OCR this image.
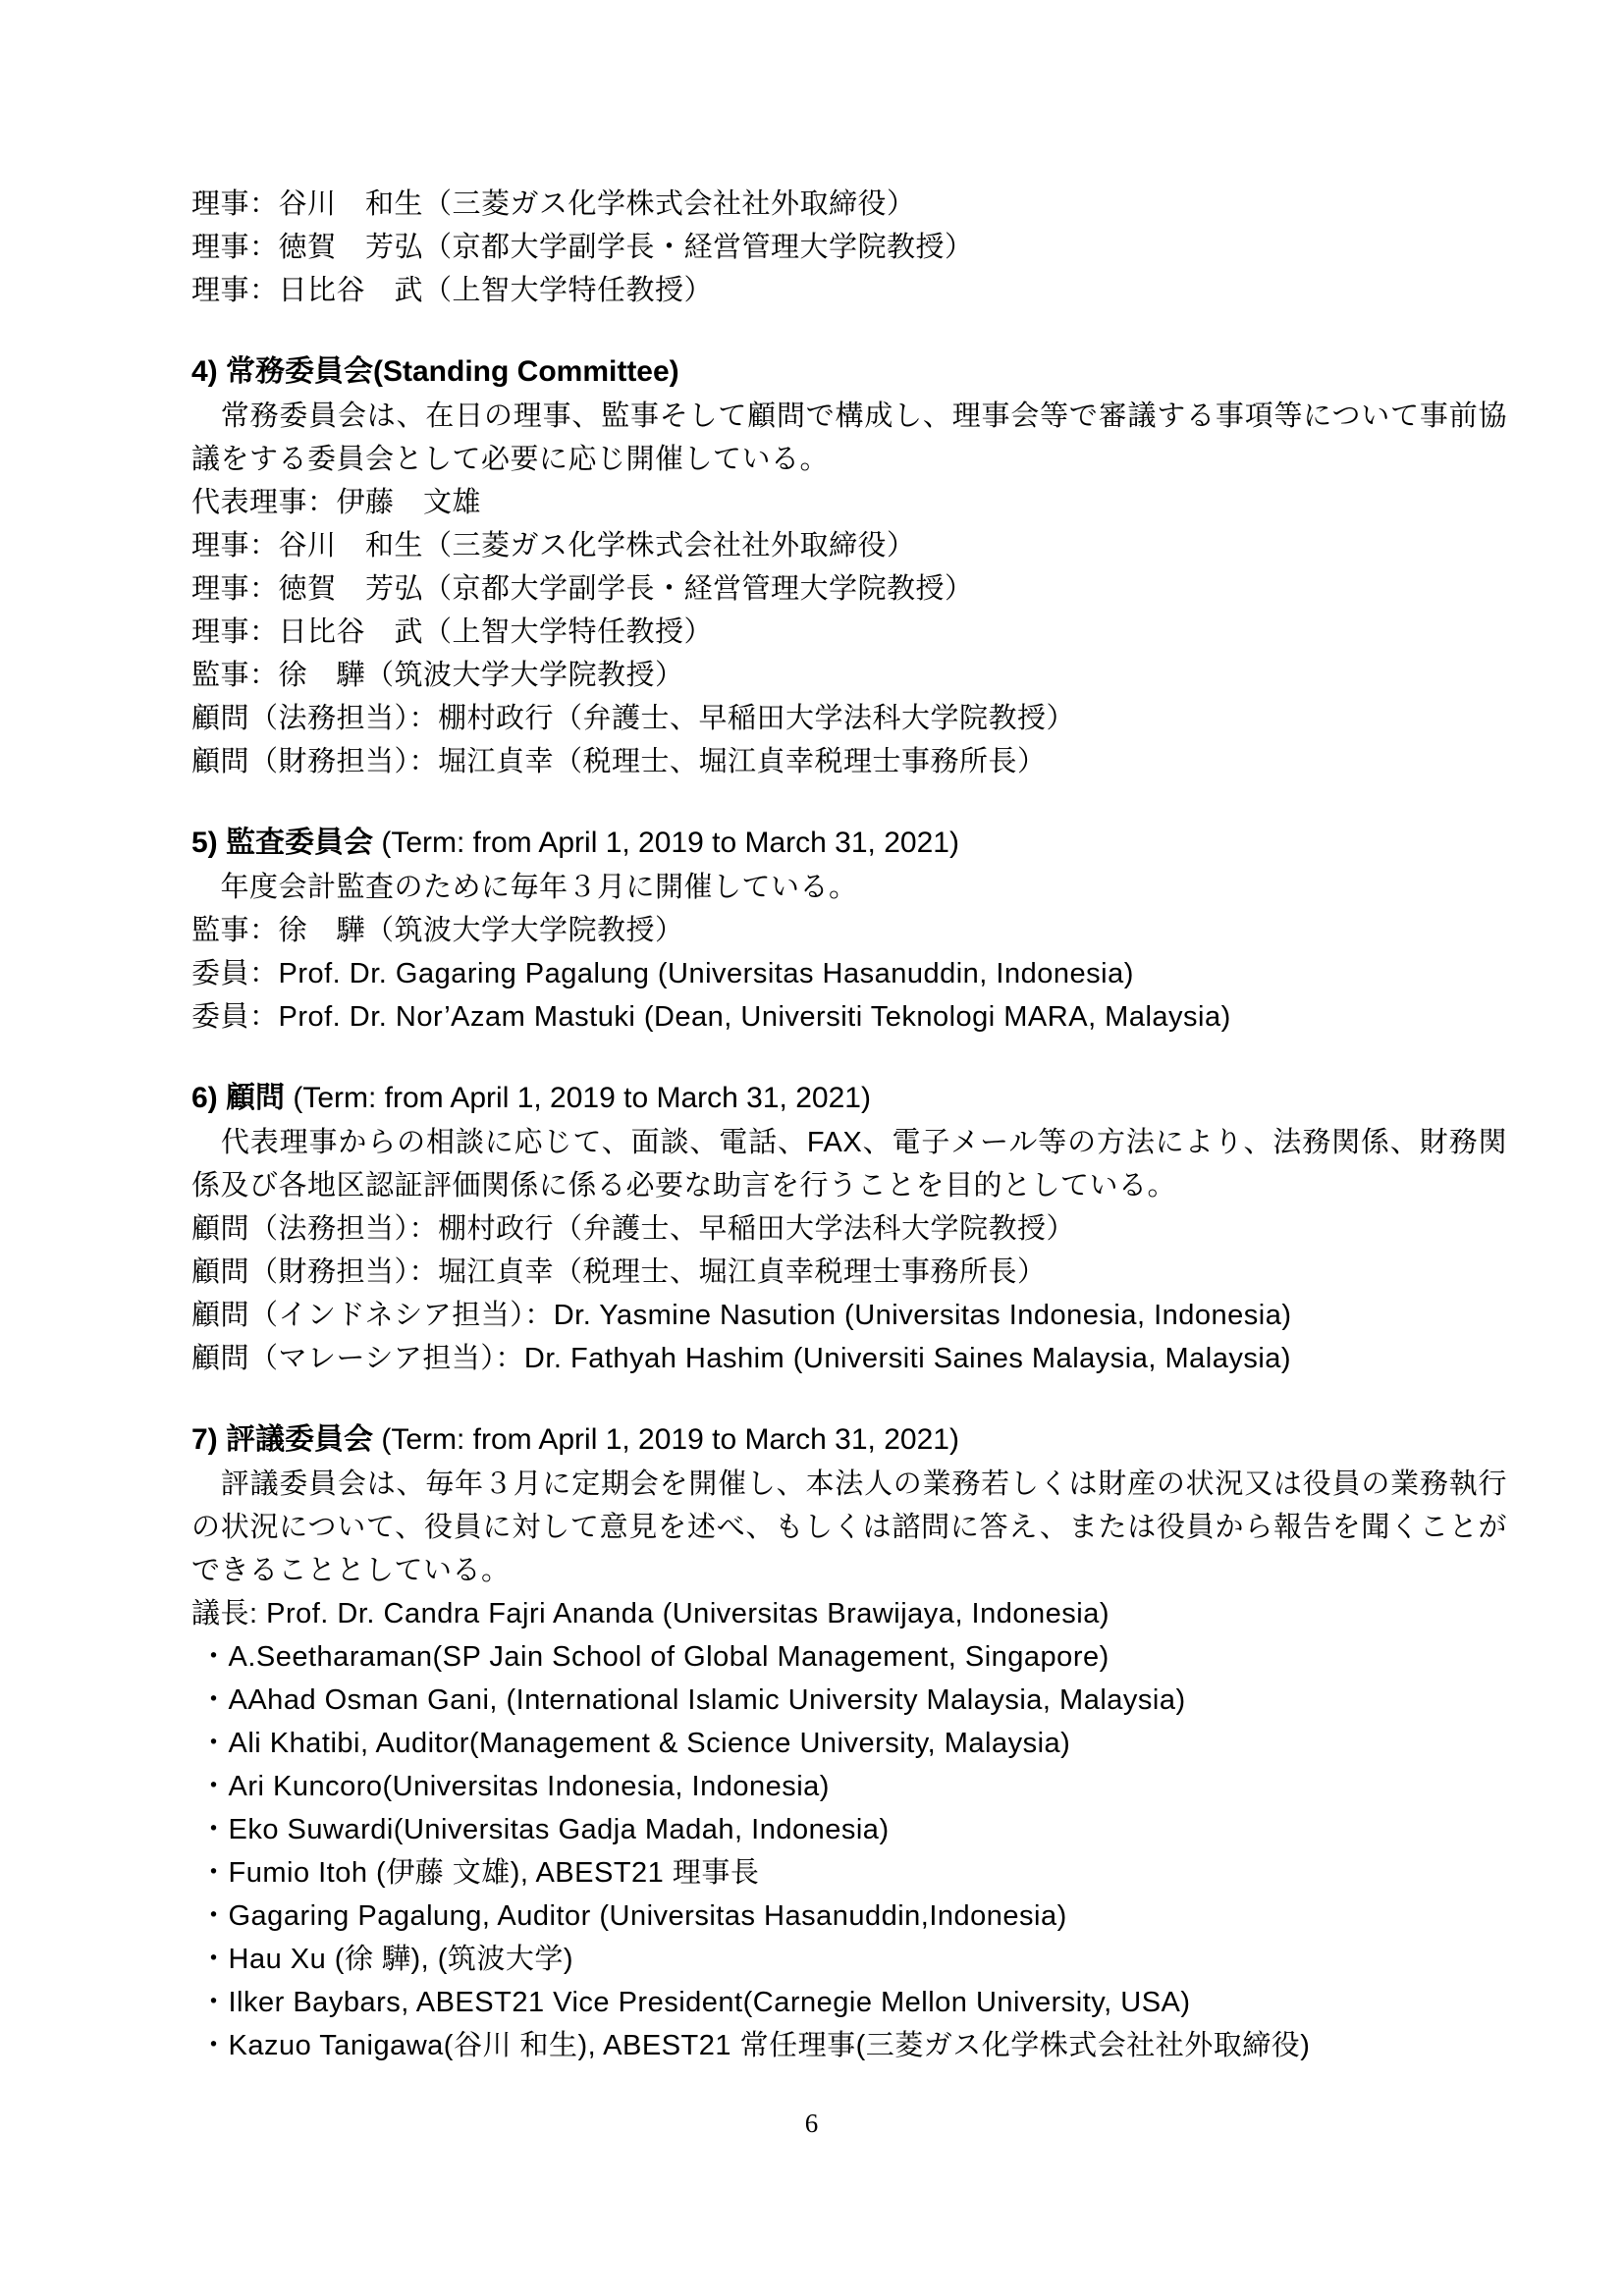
理事：谷川　和生（三菱ガス化学株式会社社外取締役）

理事：徳賀　芳弘（京都大学副学長・経営管理大学院教授）

理事：日比谷　武（上智大学特任教授）

4) 常務委員会(Standing Committee)

　常務委員会は、在日の理事、監事そして顧問で構成し、理事会等で審議する事項等について事前協議をする委員会として必要に応じ開催している。

代表理事：伊藤　文雄

理事：谷川　和生（三菱ガス化学株式会社社外取締役）

理事：徳賀　芳弘（京都大学副学長・経営管理大学院教授）

理事：日比谷　武（上智大学特任教授）

監事：徐　驊（筑波大学大学院教授）

顧問（法務担当）：棚村政行（弁護士、早稲田大学法科大学院教授）

顧問（財務担当）：堀江貞幸（税理士、堀江貞幸税理士事務所長）

5) 監査委員会 (Term: from April 1, 2019 to March 31, 2021)

　年度会計監査のために毎年３月に開催している。

監事：徐　驊（筑波大学大学院教授）

委員：Prof. Dr. Gagaring Pagalung (Universitas Hasanuddin, Indonesia)

委員：Prof. Dr. Nor’Azam Mastuki (Dean, Universiti Teknologi MARA, Malaysia)

6) 顧問 (Term: from April 1, 2019 to March 31, 2021)

　代表理事からの相談に応じて、面談、電話、FAX、電子メール等の方法により、法務関係、財務関係及び各地区認証評価関係に係る必要な助言を行うことを目的としている。

顧問（法務担当）：棚村政行（弁護士、早稲田大学法科大学院教授）

顧問（財務担当）：堀江貞幸（税理士、堀江貞幸税理士事務所長）

顧問（インドネシア担当）：Dr. Yasmine Nasution (Universitas Indonesia, Indonesia)

顧問（マレーシア担当）：Dr. Fathyah Hashim (Universiti Saines Malaysia, Malaysia)

7) 評議委員会 (Term: from April 1, 2019 to March 31, 2021)

　評議委員会は、毎年３月に定期会を開催し、本法人の業務若しくは財産の状況又は役員の業務執行の状況について、役員に対して意見を述べ、もしくは諮問に答え、または役員から報告を聞くことができることとしている。

議長: Prof. Dr. Candra Fajri Ananda (Universitas Brawijaya, Indonesia)

・A.Seetharaman(SP Jain School of Global Management, Singapore)

・AAhad Osman Gani, (International Islamic University Malaysia, Malaysia)

・Ali Khatibi, Auditor(Management & Science University, Malaysia)

・Ari Kuncoro(Universitas Indonesia, Indonesia)

・Eko Suwardi(Universitas Gadja Madah, Indonesia)

・Fumio Itoh (伊藤 文雄), ABEST21 理事長

・Gagaring Pagalung, Auditor (Universitas Hasanuddin,Indonesia)

・Hau Xu (徐 驊), (筑波大学)

・Ilker Baybars, ABEST21 Vice President(Carnegie Mellon University, USA)

・Kazuo Tanigawa(谷川 和生), ABEST21 常任理事(三菱ガス化学株式会社社外取締役)

6
